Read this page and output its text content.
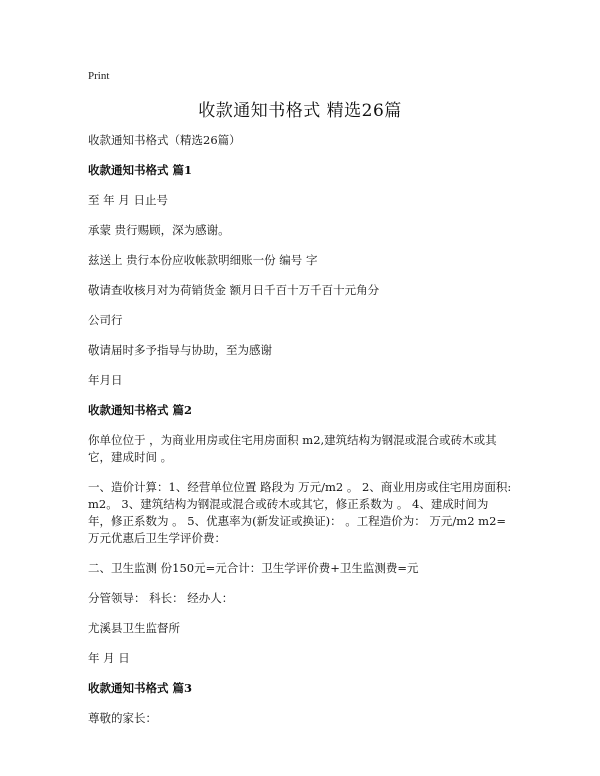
Print
收款通知书格式 精选26篇

收款通知书格式（精选26篇）

收款通知书格式 篇1

至 年 月 日止号

承蒙 贵行赐顾，深为感谢。

兹送上 贵行本份应收帐款明细账一份 编号 字

敬请查收核月对为荷销货金 额月日千百十万千百十元角分

公司行

敬请届时多予指导与协助，至为感谢

年月日

收款通知书格式 篇2

你单位位于 ，为商业用房或住宅用房面积 m2,建筑结构为钢混或混合或砖木或其它，建成时间 。

一、造价计算：1、经营单位位置 路段为 万元/m2 。 2、商业用房或住宅用房面积: m2。 3、建筑结构为钢混或混合或砖木或其它，修正系数为 。 4、建成时间为 年，修正系数为 。 5、优惠率为(新发证或换证)： 。工程造价为： 万元/m2 m2= 万元优惠后卫生学评价费：

二、卫生监测 份150元=元合计：卫生学评价费+卫生监测费=元

分管领导： 科长： 经办人：

尤溪县卫生监督所

年 月 日

收款通知书格式 篇3

尊敬的家长：
